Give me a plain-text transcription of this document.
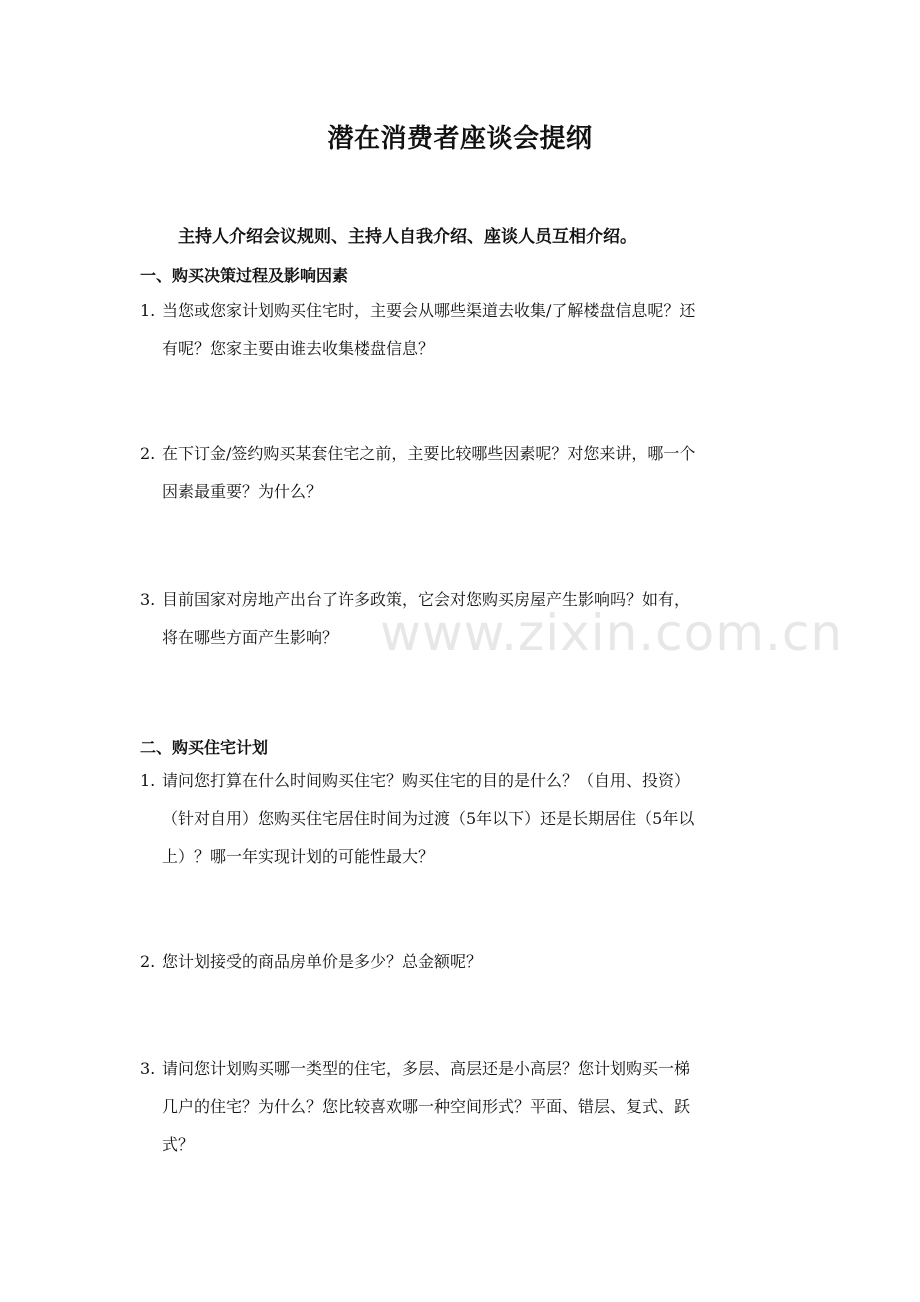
潜在消费者座谈会提纲
主持人介绍会议规则、主持人自我介绍、座谈人员互相介绍。
一、购买决策过程及影响因素
1. 当您或您家计划购买住宅时，主要会从哪些渠道去收集/了解楼盘信息呢？还
有呢？您家主要由谁去收集楼盘信息？
2. 在下订金/签约购买某套住宅之前，主要比较哪些因素呢？对您来讲，哪一个
因素最重要？为什么？
3. 目前国家对房地产出台了许多政策，它会对您购买房屋产生影响吗？如有，
将在哪些方面产生影响？
二、购买住宅计划
1. 请问您打算在什么时间购买住宅？购买住宅的目的是什么？（自用、投资）
（针对自用）您购买住宅居住时间为过渡（5年以下）还是长期居住（5年以
上）？哪一年实现计划的可能性最大？
2. 您计划接受的商品房单价是多少？总金额呢？
3. 请问您计划购买哪一类型的住宅，多层、高层还是小高层？您计划购买一梯
几户的住宅？为什么？您比较喜欢哪一种空间形式？平面、错层、复式、跃
式？
www.zixin.com.cn
